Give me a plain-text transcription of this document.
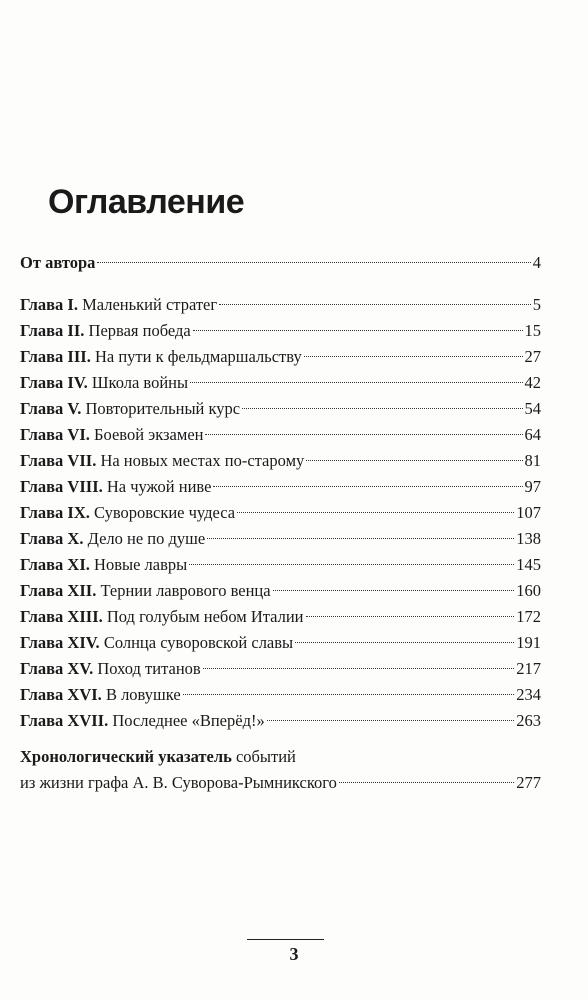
Оглавление
От автора	4
Глава I. Маленький стратег	5
Глава II. Первая победа	15
Глава III. На пути к фельдмаршальству	27
Глава IV. Школа войны	42
Глава V. Повторительный курс	54
Глава VI. Боевой экзамен	64
Глава VII. На новых местах по-старому	81
Глава VIII. На чужой ниве	97
Глава IX. Суворовские чудеса	107
Глава X. Дело не по душе	138
Глава XI. Новые лавры	145
Глава XII. Тернии лаврового венца	160
Глава XIII. Под голубым небом Италии	172
Глава XIV. Солнца суворовской славы	191
Глава XV. Поход титанов	217
Глава XVI. В ловушке	234
Глава XVII. Последнее «Вперёд!»	263
Хронологический указатель событий
из жизни графа А. В. Суворова-Рымникского	277
3
